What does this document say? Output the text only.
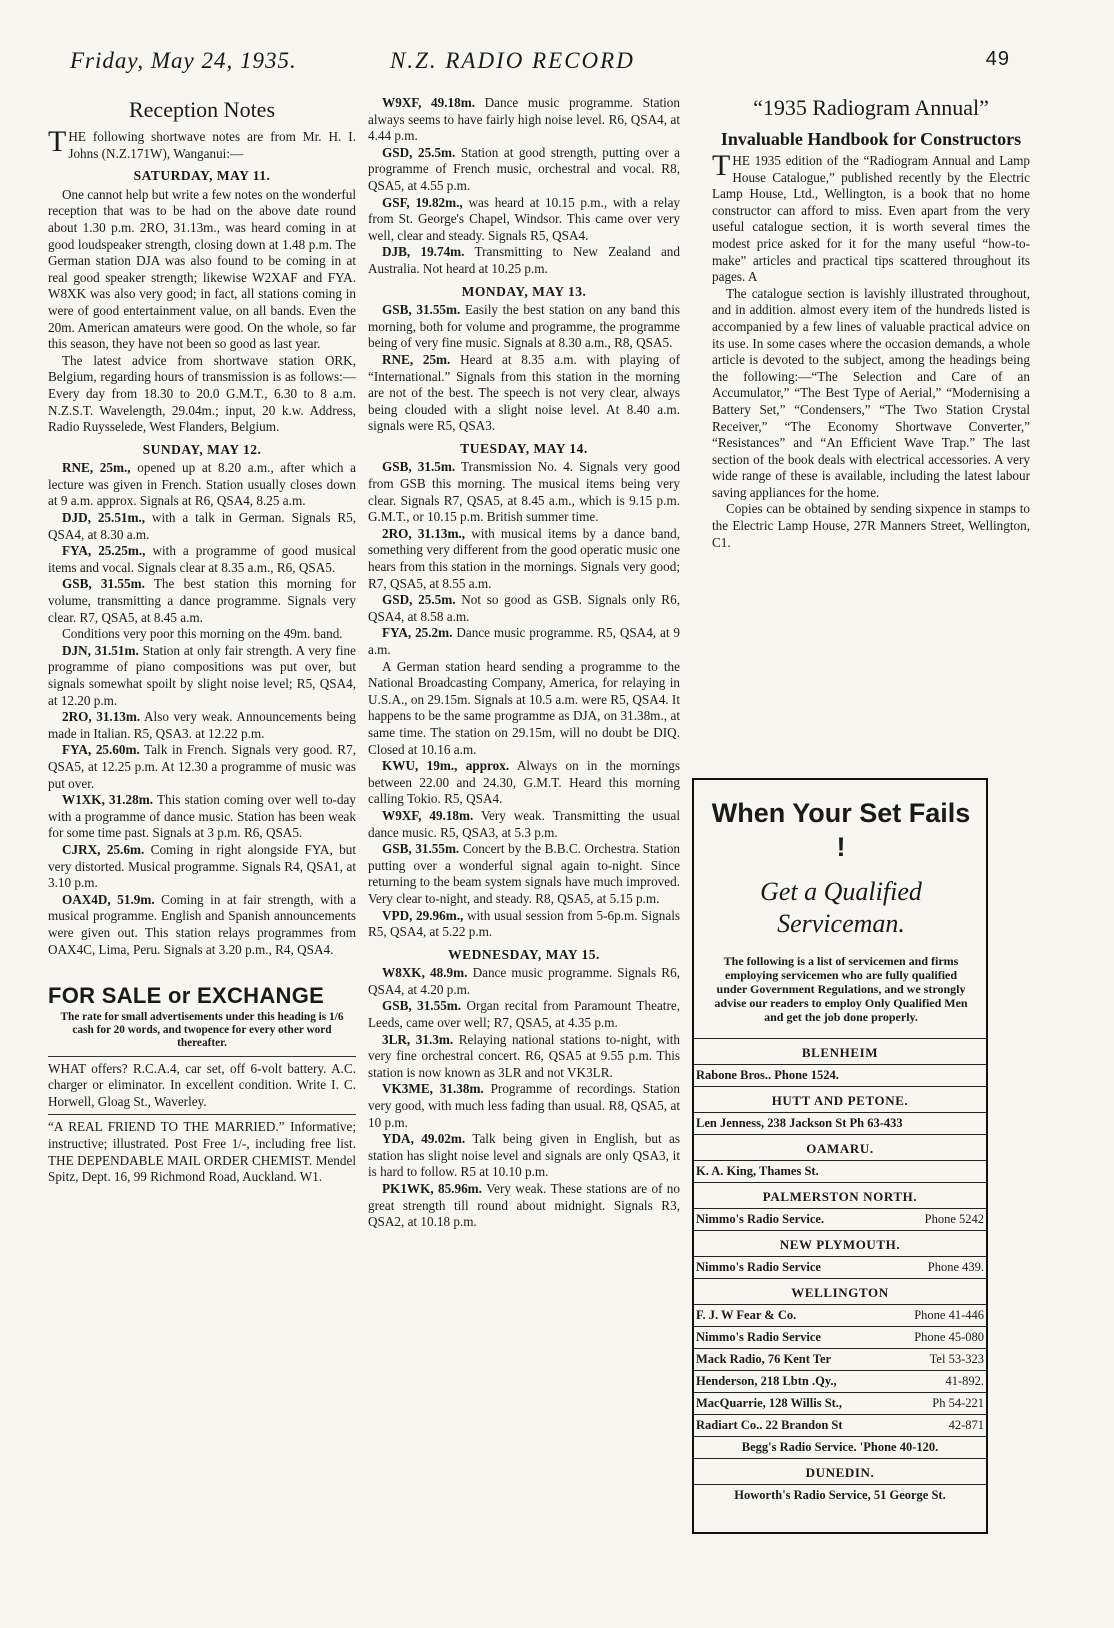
Friday, May 24, 1935.	N.Z. RADIO RECORD	49
Reception Notes

THE following shortwave notes are from Mr. H. I. Johns (N.Z.171W), Wanganui:—

SATURDAY, MAY 11.

One cannot help but write a few notes on the wonderful reception that was to be had on the above date round about 1.30 p.m. 2RO, 31.13m., was heard coming in at good loudspeaker strength, closing down at 1.48 p.m. The German station DJA was also found to be coming in at real good speaker strength; likewise W2XAF and FYA. W8XK was also very good; in fact, all stations coming in were of good entertainment value, on all bands. Even the 20m. American amateurs were good. On the whole, so far this season, they have not been so good as last year.

The latest advice from shortwave station ORK, Belgium, regarding hours of transmission is as follows:—Every day from 18.30 to 20.0 G.M.T., 6.30 to 8 a.m. N.Z.S.T. Wavelength, 29.04m.; input, 20 k.w. Address, Radio Ruysselede, West Flanders, Belgium.

SUNDAY, MAY 12.

RNE, 25m., opened up at 8.20 a.m., after which a lecture was given in French. Station usually closes down at 9 a.m. approx. Signals at R6, QSA4, 8.25 a.m.

DJD, 25.51m., with a talk in German. Signals R5, QSA4, at 8.30 a.m.

FYA, 25.25m., with a programme of good musical items and vocal. Signals clear at 8.35 a.m., R6, QSA5.

GSB, 31.55m. The best station this morning for volume, transmitting a dance programme. Signals very clear. R7, QSA5, at 8.45 a.m.

Conditions very poor this morning on the 49m. band.

DJN, 31.51m. Station at only fair strength. A very fine programme of piano compositions was put over, but signals somewhat spoilt by slight noise level; R5, QSA4, at 12.20 p.m.

2RO, 31.13m. Also very weak. Announcements being made in Italian. R5, QSA3. at 12.22 p.m.

FYA, 25.60m. Talk in French. Signals very good. R7, QSA5, at 12.25 p.m. At 12.30 a programme of music was put over.

W1XK, 31.28m. This station coming over well to-day with a programme of dance music. Station has been weak for some time past. Signals at 3 p.m. R6, QSA5.

CJRX, 25.6m. Coming in right alongside FYA, but very distorted. Musical programme. Signals R4, QSA1, at 3.10 p.m.

OAX4D, 51.9m. Coming in at fair strength, with a musical programme. English and Spanish announcements were given out. This station relays programmes from OAX4C, Lima, Peru. Signals at 3.20 p.m., R4, QSA4.

FOR SALE or EXCHANGE
The rate for small advertisements under this heading is 1/6 cash for 20 words, and twopence for every other word thereafter.
WHAT offers? R.C.A.4, car set, off 6-volt battery. A.C. charger or eliminator. In excellent condition. Write I. C. Horwell, Gloag St., Waverley.
“A REAL FRIEND TO THE MARRIED.” Informative; instructive; illustrated. Post Free 1/-, including free list. THE DEPENDABLE MAIL ORDER CHEMIST. Mendel Spitz, Dept. 16, 99 Richmond Road, Auckland. W1.

W9XF, 49.18m. Dance music programme. Station always seems to have fairly high noise level. R6, QSA4, at 4.44 p.m.

GSD, 25.5m. Station at good strength, putting over a programme of French music, orchestral and vocal. R8, QSA5, at 4.55 p.m.

GSF, 19.82m., was heard at 10.15 p.m., with a relay from St. George's Chapel, Windsor. This came over very well, clear and steady. Signals R5, QSA4.

DJB, 19.74m. Transmitting to New Zealand and Australia. Not heard at 10.25 p.m.

MONDAY, MAY 13.

GSB, 31.55m. Easily the best station on any band this morning, both for volume and programme, the programme being of very fine music. Signals at 8.30 a.m., R8, QSA5.

RNE, 25m. Heard at 8.35 a.m. with playing of “International.” Signals from this station in the morning are not of the best. The speech is not very clear, always being clouded with a slight noise level. At 8.40 a.m. signals were R5, QSA3.

TUESDAY, MAY 14.

GSB, 31.5m. Transmission No. 4. Signals very good from GSB this morning. The musical items being very clear. Signals R7, QSA5, at 8.45 a.m., which is 9.15 p.m. G.M.T., or 10.15 p.m. British summer time.

2RO, 31.13m., with musical items by a dance band, something very different from the good operatic music one hears from this station in the mornings. Signals very good; R7, QSA5, at 8.55 a.m.

GSD, 25.5m. Not so good as GSB. Signals only R6, QSA4, at 8.58 a.m.

FYA, 25.2m. Dance music programme. R5, QSA4, at 9 a.m.

A German station heard sending a programme to the National Broadcasting Company, America, for relaying in U.S.A., on 29.15m. Signals at 10.5 a.m. were R5, QSA4. It happens to be the same programme as DJA, on 31.38m., at same time. The station on 29.15m, will no doubt be DIQ. Closed at 10.16 a.m.

KWU, 19m., approx. Always on in the mornings between 22.00 and 24.30, G.M.T. Heard this morning calling Tokio. R5, QSA4.

W9XF, 49.18m. Very weak. Transmitting the usual dance music. R5, QSA3, at 5.3 p.m.

GSB, 31.55m. Concert by the B.B.C. Orchestra. Station putting over a wonderful signal again to-night. Since returning to the beam system signals have much improved. Very clear to-night, and steady. R8, QSA5, at 5.15 p.m.

VPD, 29.96m., with usual session from 5-6p.m. Signals R5, QSA4, at 5.22 p.m.

WEDNESDAY, MAY 15.

W8XK, 48.9m. Dance music programme. Signals R6, QSA4, at 4.20 p.m.

GSB, 31.55m. Organ recital from Paramount Theatre, Leeds, came over well; R7, QSA5, at 4.35 p.m.

3LR, 31.3m. Relaying national stations to-night, with very fine orchestral concert. R6, QSA5 at 9.55 p.m. This station is now known as 3LR and not VK3LR.

VK3ME, 31.38m. Programme of recordings. Station very good, with much less fading than usual. R8, QSA5, at 10 p.m.

YDA, 49.02m. Talk being given in English, but as station has slight noise level and signals are only QSA3, it is hard to follow. R5 at 10.10 p.m.

PK1WK, 85.96m. Very weak. These stations are of no great strength till round about midnight. Signals R3, QSA2, at 10.18 p.m.

“1935 Radiogram Annual”
Invaluable Handbook for Constructors

THE 1935 edition of the “Radiogram Annual and Lamp House Catalogue,” published recently by the Electric Lamp House, Ltd., Wellington, is a book that no home constructor can afford to miss. Even apart from the very useful catalogue section, it is worth several times the modest price asked for it for the many useful “how-to-make” articles and practical tips scattered throughout its pages. A

The catalogue section is lavishly illustrated throughout, and in addition. almost every item of the hundreds listed is accompanied by a few lines of valuable practical advice on its use. In some cases where the occasion demands, a whole article is devoted to the subject, among the headings being the following:—“The Selection and Care of an Accumulator,” “The Best Type of Aerial,” “Modernising a Battery Set,” “Condensers,” “The Two Station Crystal Receiver,” “The Economy Shortwave Converter,” “Resistances” and “An Efficient Wave Trap.” The last section of the book deals with electrical accessories. A very wide range of these is available, including the latest labour saving appliances for the home.

Copies can be obtained by sending sixpence in stamps to the Electric Lamp House, 27R Manners Street, Wellington, C1.

When Your Set Fails !
Get a Qualified Serviceman.
The following is a list of servicemen and firms employing servicemen who are fully qualified under Government Regulations, and we strongly advise our readers to employ Only Qualified Men and get the job done properly.
BLENHEIM
Rabone Bros.. Phone 1524.
HUTT AND PETONE.
Len Jenness, 238 Jackson St Ph 63-433
OAMARU.
K. A. King, Thames St.
PALMERSTON NORTH.
Nimmo's Radio Service.	Phone 5242
NEW PLYMOUTH.
Nimmo's Radio Service	Phone 439.
WELLINGTON
F. J. W Fear & Co.	Phone 41-446
Nimmo's Radio Service	Phone 45-080
Mack Radio, 76 Kent Ter	Tel 53-323
Henderson, 218 Lbtn .Qy.,	41-892.
MacQuarrie, 128 Willis St.,	Ph 54-221
Radiart Co.. 22 Brandon St	42-871
Begg's Radio Service. 'Phone 40-120.
DUNEDIN.
Howorth's Radio Service, 51 George St.
